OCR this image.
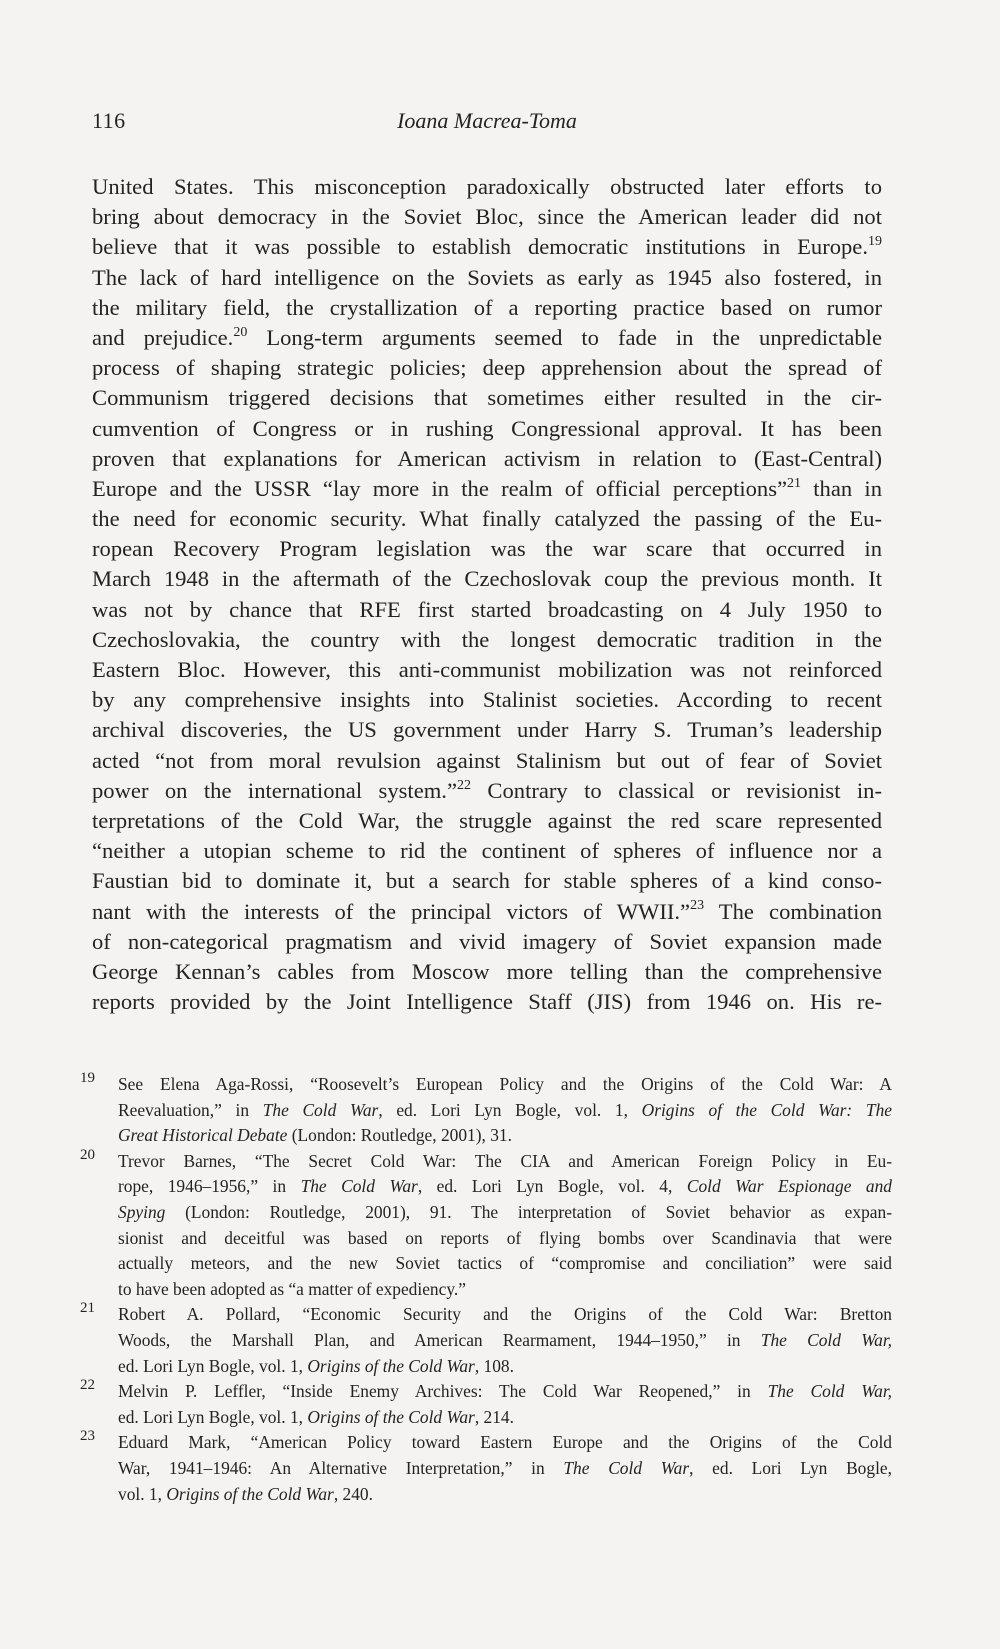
116	Ioana Macrea-Toma
United States. This misconception paradoxically obstructed later efforts to
bring about democracy in the Soviet Bloc, since the American leader did not
believe that it was possible to establish democratic institutions in Europe.$^{19}$
The lack of hard intelligence on the Soviets as early as 1945 also fostered, in
the military field, the crystallization of a reporting practice based on rumor
and prejudice.$^{20}$ Long-term arguments seemed to fade in the unpredictable
process of shaping strategic policies; deep apprehension about the spread of
Communism triggered decisions that sometimes either resulted in the cir-
cumvention of Congress or in rushing Congressional approval. It has been
proven that explanations for American activism in relation to (East-Central)
Europe and the USSR “lay more in the realm of official perceptions”$^{21}$ than in
the need for economic security. What finally catalyzed the passing of the Eu-
ropean Recovery Program legislation was the war scare that occurred in
March 1948 in the aftermath of the Czechoslovak coup the previous month. It
was not by chance that RFE first started broadcasting on 4 July 1950 to
Czechoslovakia, the country with the longest democratic tradition in the
Eastern Bloc. However, this anti-communist mobilization was not reinforced
by any comprehensive insights into Stalinist societies. According to recent
archival discoveries, the US government under Harry S. Truman’s leadership
acted “not from moral revulsion against Stalinism but out of fear of Soviet
power on the international system.”$^{22}$ Contrary to classical or revisionist in-
terpretations of the Cold War, the struggle against the red scare represented
“neither a utopian scheme to rid the continent of spheres of influence nor a
Faustian bid to dominate it, but a search for stable spheres of a kind conso-
nant with the interests of the principal victors of WWII.”$^{23}$ The combination
of non-categorical pragmatism and vivid imagery of Soviet expansion made
George Kennan’s cables from Moscow more telling than the comprehensive
reports provided by the Joint Intelligence Staff (JIS) from 1946 on. His re-
19 See Elena Aga-Rossi, “Roosevelt’s European Policy and the Origins of the Cold War: A
Reevaluation,” in The Cold War, ed. Lori Lyn Bogle, vol. 1, Origins of the Cold War: The
Great Historical Debate (London: Routledge, 2001), 31.
20 Trevor Barnes, “The Secret Cold War: The CIA and American Foreign Policy in Eu-
rope, 1946–1956,” in The Cold War, ed. Lori Lyn Bogle, vol. 4, Cold War Espionage and
Spying (London: Routledge, 2001), 91. The interpretation of Soviet behavior as expan-
sionist and deceitful was based on reports of flying bombs over Scandinavia that were
actually meteors, and the new Soviet tactics of “compromise and conciliation” were said
to have been adopted as “a matter of expediency.”
21 Robert A. Pollard, “Economic Security and the Origins of the Cold War: Bretton
Woods, the Marshall Plan, and American Rearmament, 1944–1950,” in The Cold War,
ed. Lori Lyn Bogle, vol. 1, Origins of the Cold War, 108.
22 Melvin P. Leffler, “Inside Enemy Archives: The Cold War Reopened,” in The Cold War,
ed. Lori Lyn Bogle, vol. 1, Origins of the Cold War, 214.
23 Eduard Mark, “American Policy toward Eastern Europe and the Origins of the Cold
War, 1941–1946: An Alternative Interpretation,” in The Cold War, ed. Lori Lyn Bogle,
vol. 1, Origins of the Cold War, 240.
